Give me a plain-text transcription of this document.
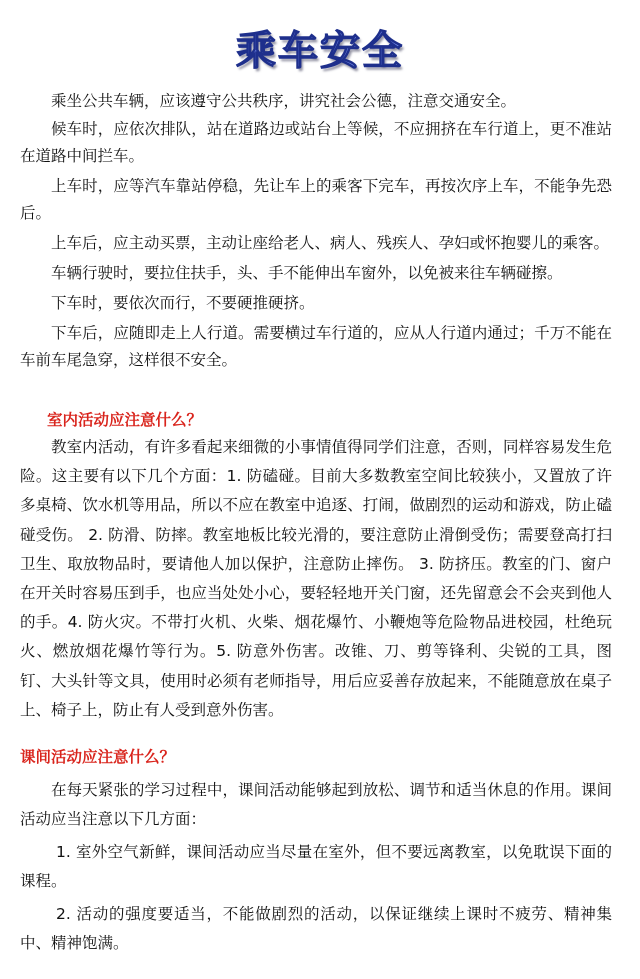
乘车安全

乘坐公共车辆，应该遵守公共秩序，讲究社会公德，注意交通安全。

候车时，应依次排队，站在道路边或站台上等候，不应拥挤在车行道上，更不准站在道路中间拦车。

上车时，应等汽车靠站停稳，先让车上的乘客下完车，再按次序上车，不能争先恐后。

上车后，应主动买票，主动让座给老人、病人、残疾人、孕妇或怀抱婴儿的乘客。

车辆行驶时，要拉住扶手，头、手不能伸出车窗外，以免被来往车辆碰擦。

下车时，要依次而行，不要硬推硬挤。

下车后，应随即走上人行道。需要横过车行道的，应从人行道内通过；千万不能在车前车尾急穿，这样很不安全。

室内活动应注意什么？

教室内活动，有许多看起来细微的小事情值得同学们注意，否则，同样容易发生危险。这主要有以下几个方面：1. 防磕碰。目前大多数教室空间比较狭小，又置放了许多桌椅、饮水机等用品，所以不应在教室中追逐、打闹，做剧烈的运动和游戏，防止磕碰受伤。 2. 防滑、防摔。教室地板比较光滑的，要注意防止滑倒受伤；需要登高打扫卫生、取放物品时，要请他人加以保护，注意防止摔伤。 3. 防挤压。教室的门、窗户在开关时容易压到手，也应当处处小心，要轻轻地开关门窗，还先留意会不会夹到他人的手。4. 防火灾。不带打火机、火柴、烟花爆竹、小鞭炮等危险物品进校园，杜绝玩火、燃放烟花爆竹等行为。5. 防意外伤害。改锥、刀、剪等锋利、尖锐的工具，图钉、大头针等文具，使用时必须有老师指导，用后应妥善存放起来，不能随意放在桌子上、椅子上，防止有人受到意外伤害。

课间活动应注意什么？

在每天紧张的学习过程中，课间活动能够起到放松、调节和适当休息的作用。课间活动应当注意以下几方面：

1. 室外空气新鲜，课间活动应当尽量在室外，但不要远离教室，以免耽误下面的课程。

2. 活动的强度要适当，不能做剧烈的活动，以保证继续上课时不疲劳、精神集中、精神饱满。
